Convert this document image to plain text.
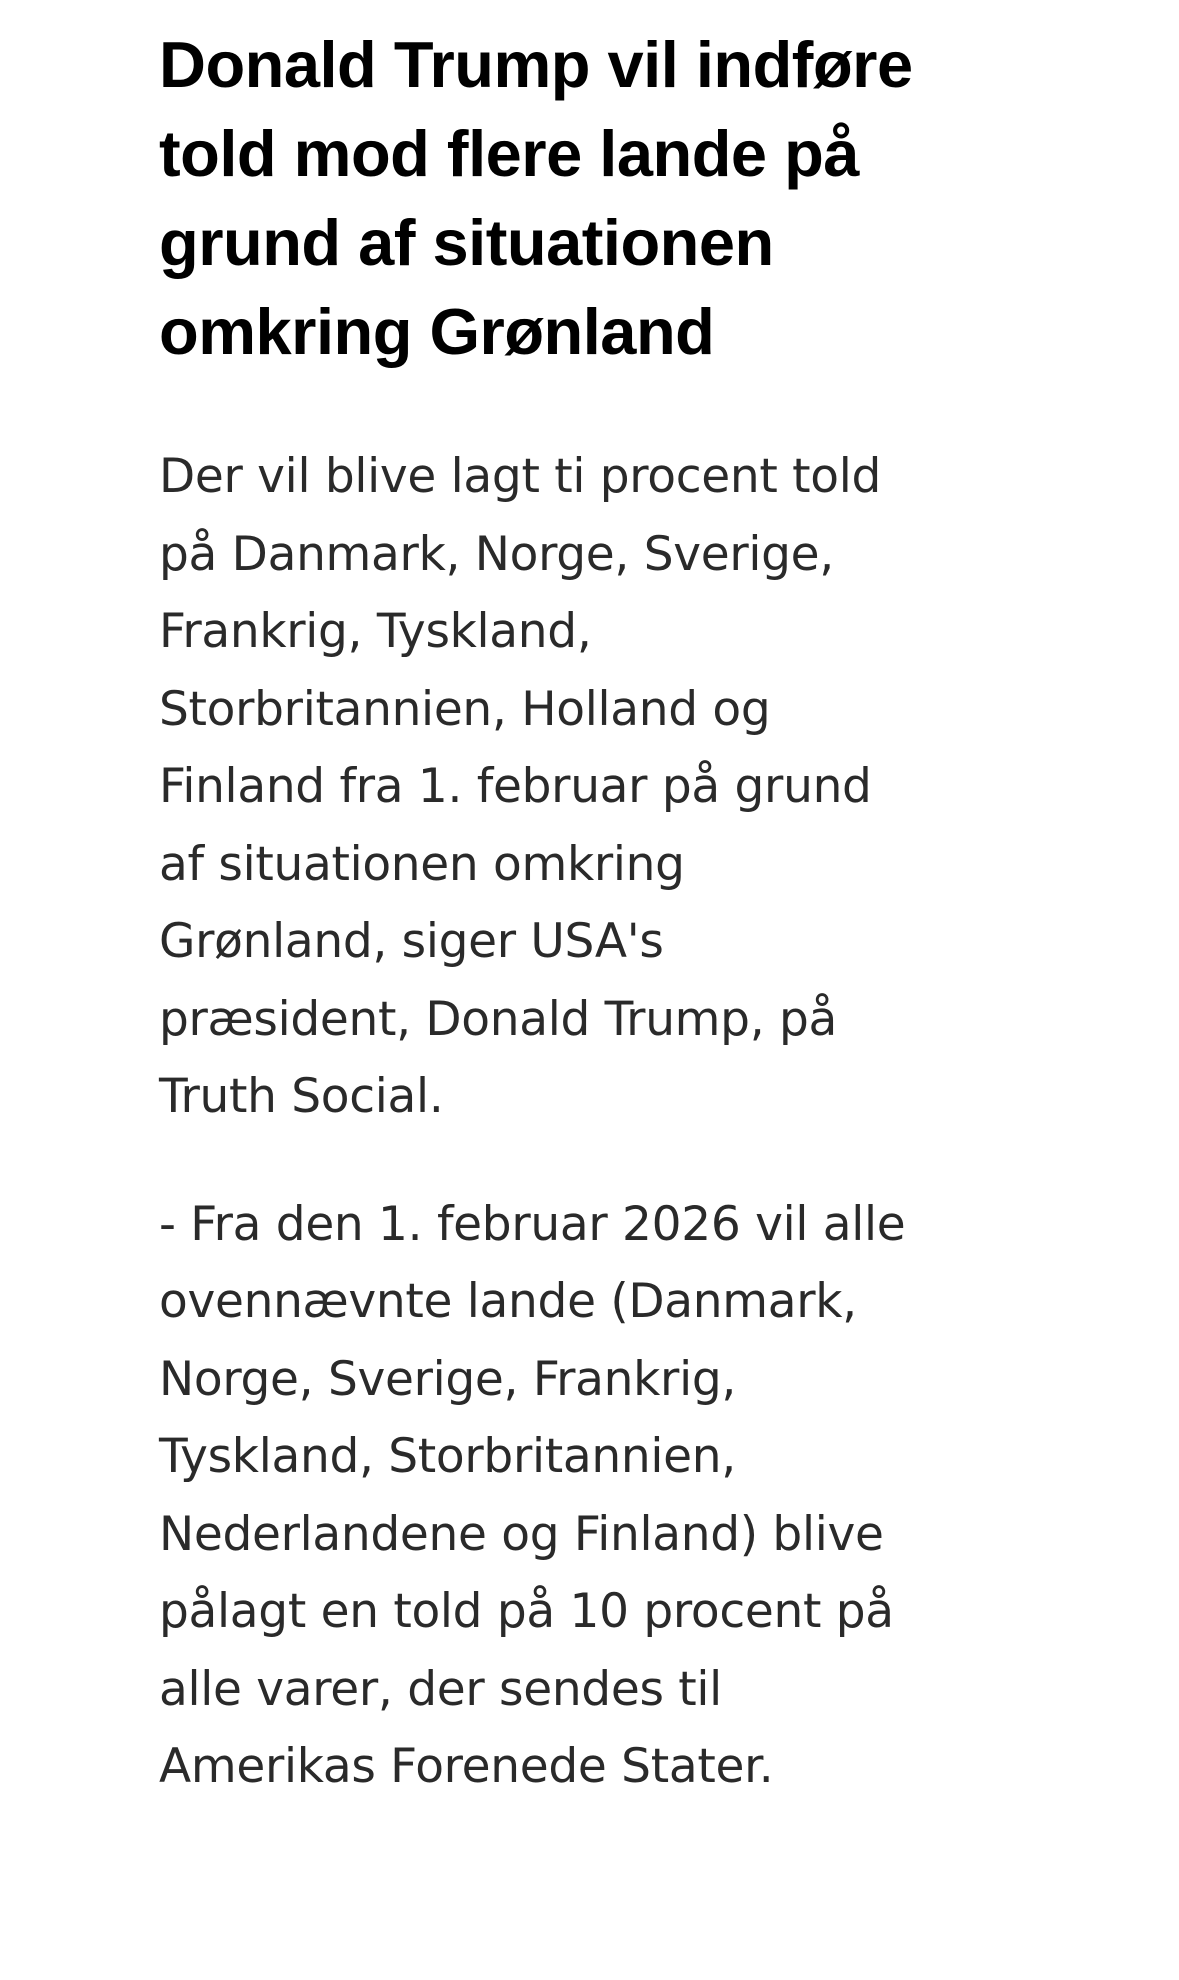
Donald Trump vil indføre told mod flere lande på grund af situationen omkring Grønland

Der vil blive lagt ti procent told på Danmark, Norge, Sverige, Frankrig, Tyskland, Storbritannien, Holland og Finland fra 1. februar på grund af situationen omkring Grønland, siger USA's præsident, Donald Trump, på Truth Social.

- Fra den 1. februar 2026 vil alle ovennævnte lande (Danmark, Norge, Sverige, Frankrig, Tyskland, Storbritannien, Nederlandene og Finland) blive pålagt en told på 10 procent på alle varer, der sendes til Amerikas Forenede Stater.
